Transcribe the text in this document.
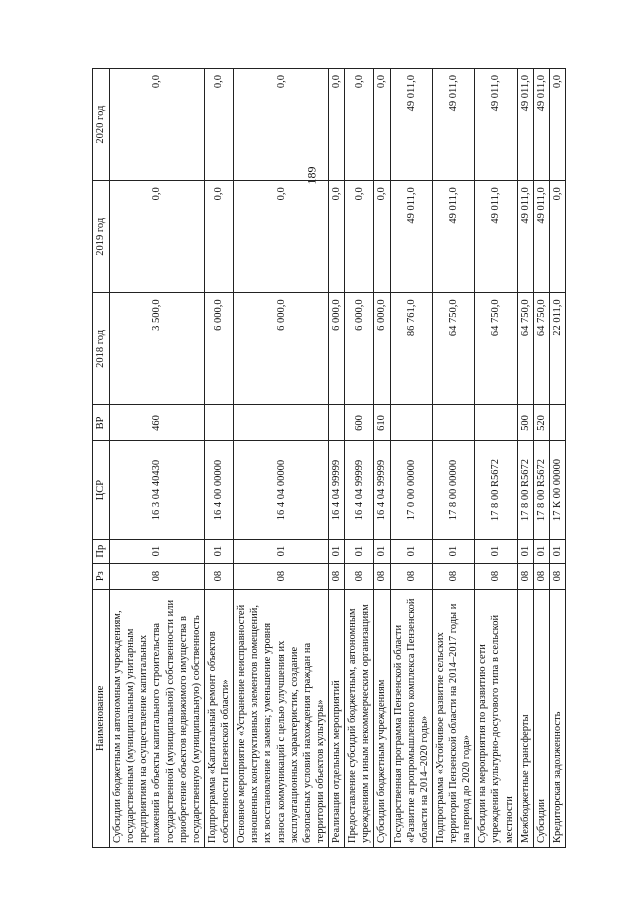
189
Наименование	Рз	Пр	ЦСР	ВР	2018 год	2019 год	2020 год
Субсидии бюджетным и автономным учреждениям, государственным (муниципальным) унитарным предприятиям на осуществление капитальных вложений в объекты капитального строительства государственной (муниципальной) собственности или приобретение объектов недвижимого имущества в государственную (муниципальную) собственность	08	01	16 3 04 40430	460	3 500,0	0,0	0,0
Подпрограмма «Капитальный ремонт объектов собственности Пензенской области»	08	01	16 4 00 00000		6 000,0	0,0	0,0
Основное мероприятие «Устранение неисправностей изношенных конструктивных элементов помещений, их восстановление и замена; уменьшение уровня износа коммуникаций с целью улучшения их эксплуатационных характеристик, создание безопасных условий нахождения граждан на территории объектов культуры»	08	01	16 4 04 00000		6 000,0	0,0	0,0
Реализация отдельных мероприятий	08	01	16 4 04 99999		6 000,0	0,0	0,0
Предоставление субсидий бюджетным, автономным учреждениям и иным некоммерческим организациям	08	01	16 4 04 99999	600	6 000,0	0,0	0,0
Субсидии бюджетным учреждениям	08	01	16 4 04 99999	610	6 000,0	0,0	0,0
Государственная программа Пензенской области «Развитие агропромышленного комплекса Пензенской области на 2014–2020 годы»	08	01	17 0 00 00000		86 761,0	49 011,0	49 011,0
Подпрограмма «Устойчивое развитие сельских территорий Пензенской области на 2014–2017 годы и на период до 2020 года»	08	01	17 8 00 00000		64 750,0	49 011,0	49 011,0
Субсидии на мероприятия по развитию сети учреждений культурно-досугового типа в сельской местности	08	01	17 8 00 R5672		64 750,0	49 011,0	49 011,0
Межбюджетные трансферты	08	01	17 8 00 R5672	500	64 750,0	49 011,0	49 011,0
Субсидии	08	01	17 8 00 R5672	520	64 750,0	49 011,0	49 011,0
Кредиторская задолженность	08	01	17 К 00 00000		22 011,0	0,0	0,0
